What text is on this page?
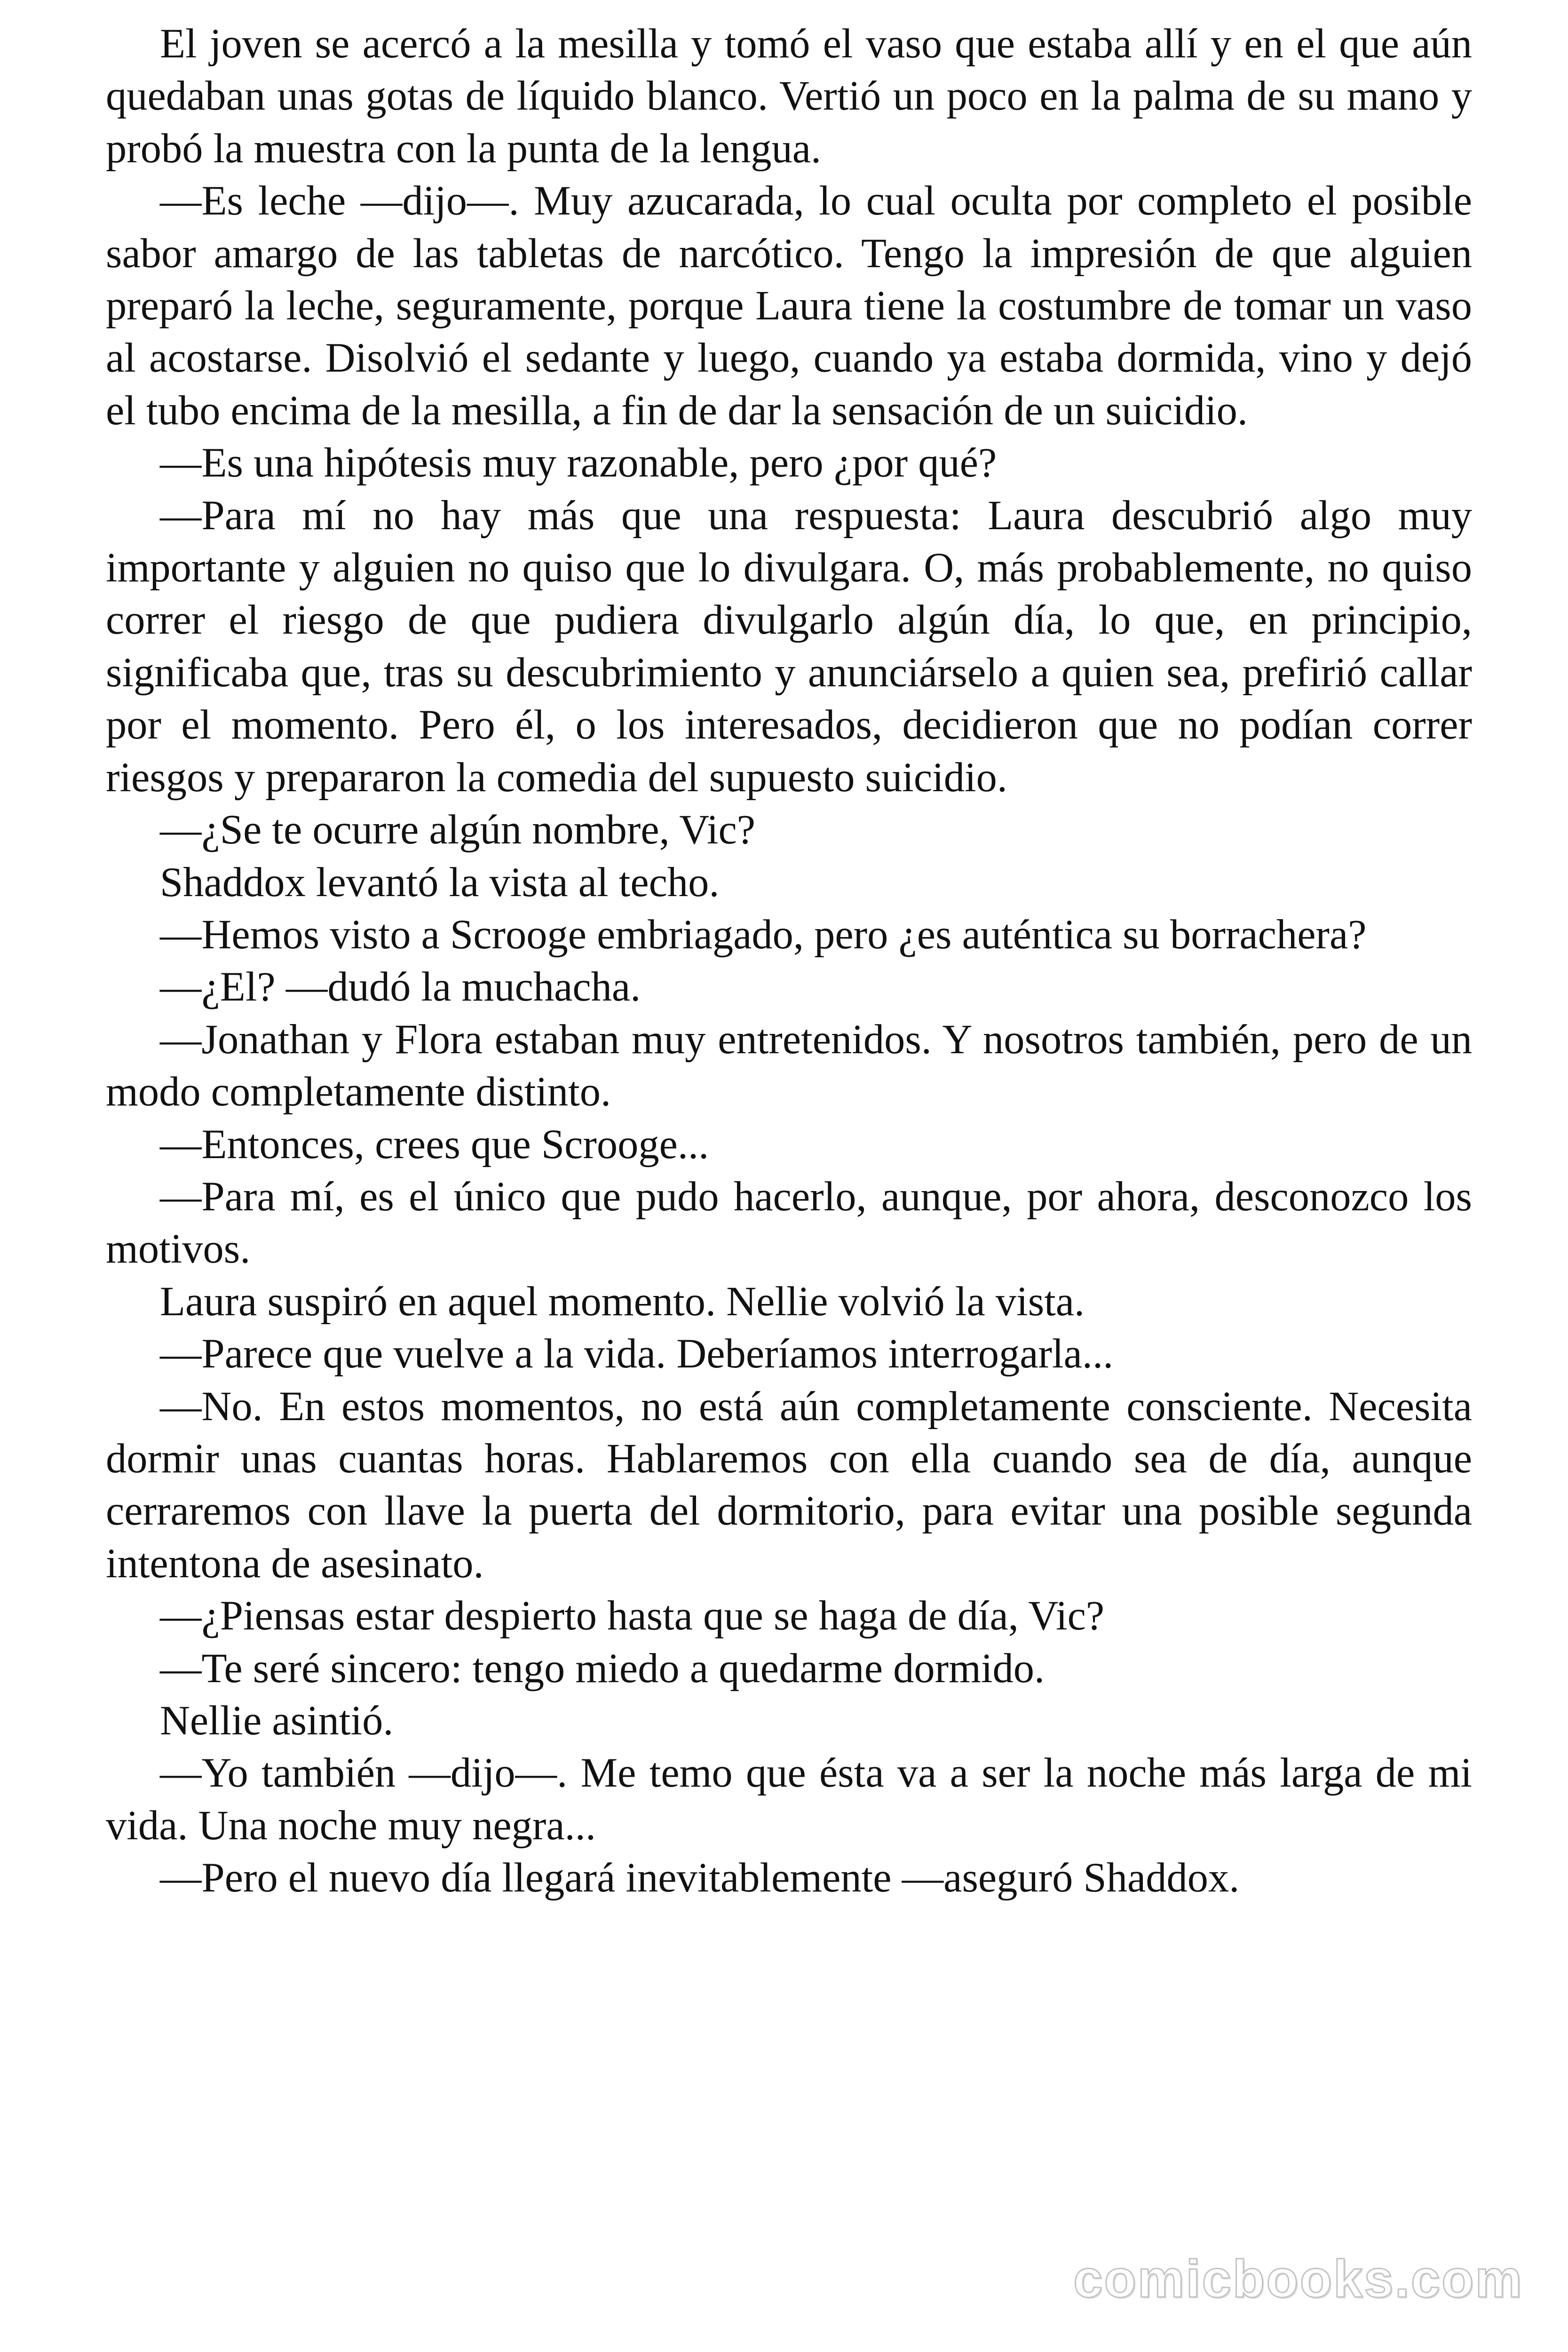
El joven se acercó a la mesilla y tomó el vaso que estaba allí y en el que aún quedaban unas gotas de líquido blanco. Vertió un poco en la palma de su mano y probó la muestra con la punta de la lengua.

—Es leche —dijo—. Muy azucarada, lo cual oculta por completo el posible sabor amargo de las tabletas de narcótico. Tengo la impresión de que alguien preparó la leche, seguramente, porque Laura tiene la costumbre de tomar un vaso al acostarse. Disolvió el sedante y luego, cuando ya estaba dormida, vino y dejó el tubo encima de la mesilla, a fin de dar la sensación de un suicidio.

—Es una hipótesis muy razonable, pero ¿por qué?

—Para mí no hay más que una respuesta: Laura descubrió algo muy importante y alguien no quiso que lo divulgara. O, más probablemente, no quiso correr el riesgo de que pudiera divulgarlo algún día, lo que, en principio, significaba que, tras su descubrimiento y anunciárselo a quien sea, prefirió callar por el momento. Pero él, o los interesados, decidieron que no podían correr riesgos y prepararon la comedia del supuesto suicidio.

—¿Se te ocurre algún nombre, Vic?

Shaddox levantó la vista al techo.

—Hemos visto a Scrooge embriagado, pero ¿es auténtica su borrachera?

—¿El? —dudó la muchacha.

—Jonathan y Flora estaban muy entretenidos. Y nosotros también, pero de un modo completamente distinto.

—Entonces, crees que Scrooge...

—Para mí, es el único que pudo hacerlo, aunque, por ahora, desconozco los motivos.

Laura suspiró en aquel momento. Nellie volvió la vista.

—Parece que vuelve a la vida. Deberíamos interrogarla...

—No. En estos momentos, no está aún completamente consciente. Necesita dormir unas cuantas horas. Hablaremos con ella cuando sea de día, aunque cerraremos con llave la puerta del dormitorio, para evitar una posible segunda intentona de asesinato.

—¿Piensas estar despierto hasta que se haga de día, Vic?

—Te seré sincero: tengo miedo a quedarme dormido.

Nellie asintió.

—Yo también —dijo—. Me temo que ésta va a ser la noche más larga de mi vida. Una noche muy negra...

—Pero el nuevo día llegará inevitablemente —aseguró Shaddox.

comicbooks.com
